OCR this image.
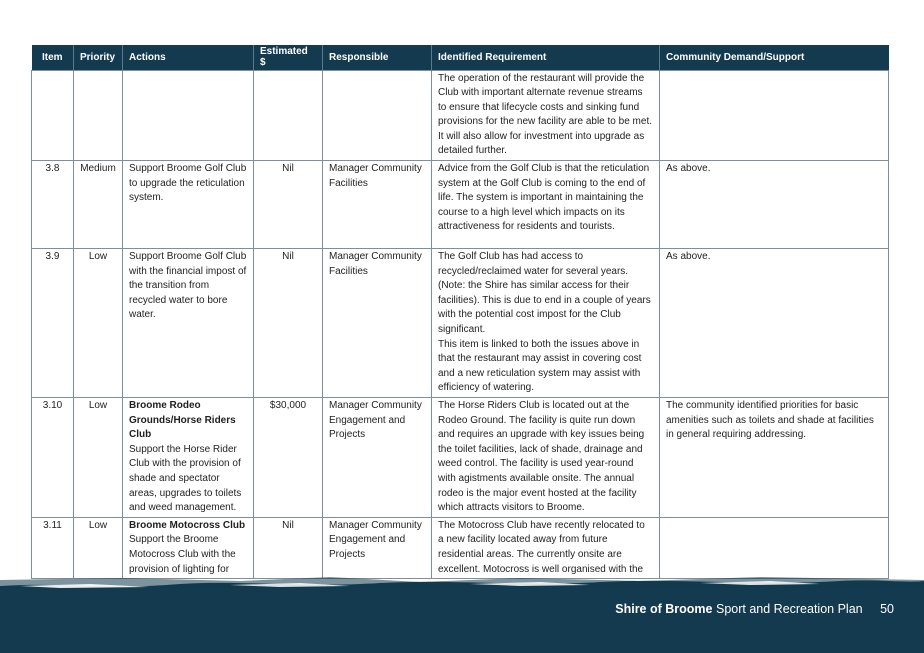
Item	Priority	Actions	Estimated $	Responsible	Identified Requirement	Community Demand/Support
					The operation of the restaurant will provide the Club with important alternate revenue streams to ensure that lifecycle costs and sinking fund provisions for the new facility are able to be met. It will also allow for investment into upgrade as detailed further.	
3.8	Medium	Support Broome Golf Club to upgrade the reticulation system.	Nil	Manager Community Facilities	Advice from the Golf Club is that the reticulation system at the Golf Club is coming to the end of life. The system is important in maintaining the course to a high level which impacts on its attractiveness for residents and tourists.	As above.
3.9	Low	Support Broome Golf Club with the financial impost of the transition from recycled water to bore water.	Nil	Manager Community Facilities	The Golf Club has had access to recycled/reclaimed water for several years. (Note: the Shire has similar access for their facilities). This is due to end in a couple of years with the potential cost impost for the Club significant.
This item is linked to both the issues above in that the restaurant may assist in covering cost and a new reticulation system may assist with efficiency of watering.	As above.
3.10	Low	Broome Rodeo Grounds/Horse Riders Club
Support the Horse Rider Club with the provision of shade and spectator areas, upgrades to toilets and weed management.	$30,000	Manager Community Engagement and Projects	The Horse Riders Club is located out at the Rodeo Ground. The facility is quite run down and requires an upgrade with key issues being the toilet facilities, lack of shade, drainage and weed control. The facility is used year-round with agistments available onsite. The annual rodeo is the major event hosted at the facility which attracts visitors to Broome.	The community identified priorities for basic amenities such as toilets and shade at facilities in general requiring addressing.
3.11	Low	Broome Motocross Club
Support the Broome Motocross Club with the provision of lighting for	Nil	Manager Community Engagement and Projects	The Motocross Club have recently relocated to a new facility located away from future residential areas. The currently onsite are excellent. Motocross is well organised with the	
Shire of Broome Sport and Recreation Plan 50
